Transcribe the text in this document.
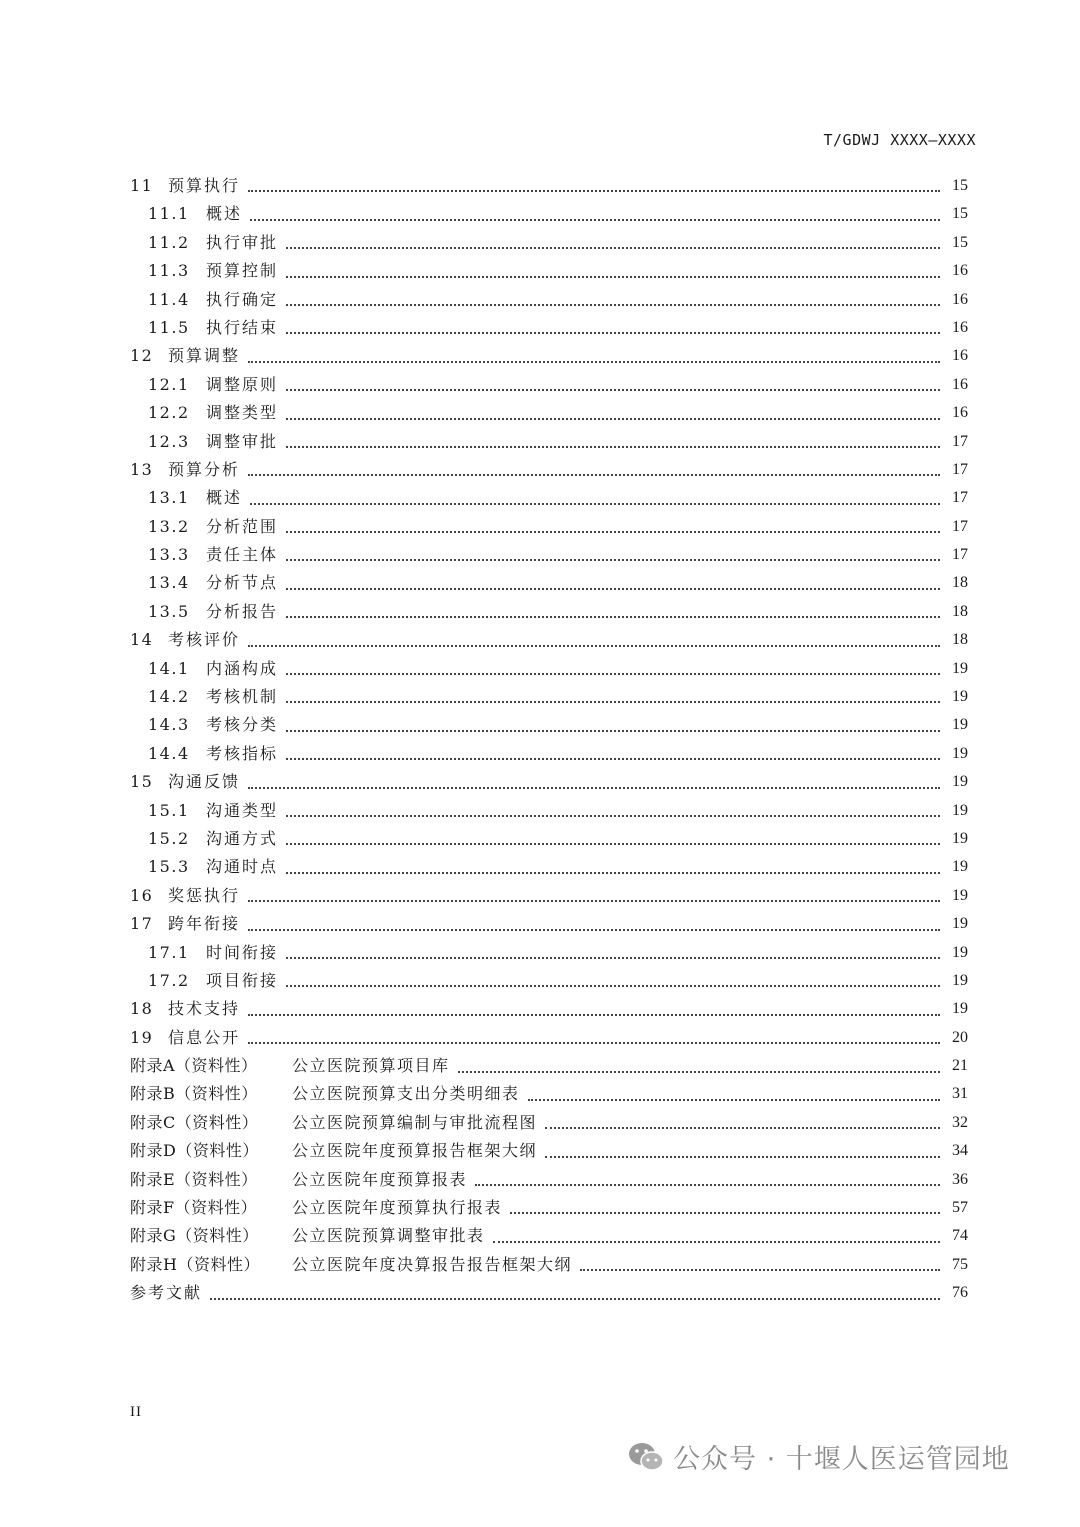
T/GDWJ XXXX—XXXX
11 预算执行	15
11.1	概述	15
11.2	执行审批	15
11.3	预算控制	16
11.4	执行确定	16
11.5	执行结束	16
12 预算调整	16
12.1	调整原则	16
12.2	调整类型	16
12.3	调整审批	17
13 预算分析	17
13.1	概述	17
13.2	分析范围	17
13.3	责任主体	17
13.4	分析节点	18
13.5	分析报告	18
14 考核评价	18
14.1	内涵构成	19
14.2	考核机制	19
14.3	考核分类	19
14.4	考核指标	19
15 沟通反馈	19
15.1	沟通类型	19
15.2	沟通方式	19
15.3	沟通时点	19
16 奖惩执行	19
17 跨年衔接	19
17.1	时间衔接	19
17.2	项目衔接	19
18 技术支持	19
19 信息公开	20
附录A（资料性）	公立医院预算项目库	21
附录B（资料性）	公立医院预算支出分类明细表	31
附录C（资料性）	公立医院预算编制与审批流程图	32
附录D（资料性）	公立医院年度预算报告框架大纲	34
附录E（资料性）	公立医院年度预算报表	36
附录F（资料性）	公立医院年度预算执行报表	57
附录G（资料性）	公立医院预算调整审批表	74
附录H（资料性）	公立医院年度决算报告报告框架大纲	75
参考文献	76
II
公众号 · 十堰人医运管园地
